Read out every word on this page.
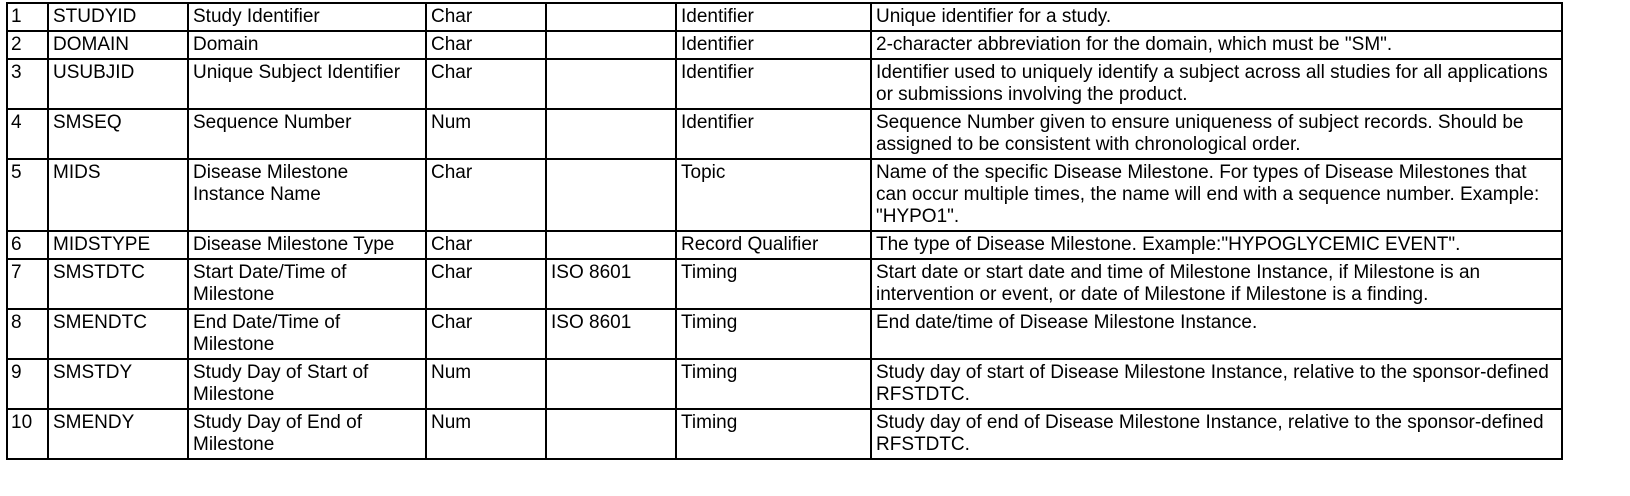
1	STUDYID	Study Identifier	Char		Identifier	Unique identifier for a study.
2	DOMAIN	Domain	Char		Identifier	2-character abbreviation for the domain, which must be "SM".
3	USUBJID	Unique Subject Identifier	Char		Identifier	Identifier used to uniquely identify a subject across all studies for all applications or submissions involving the product.
4	SMSEQ	Sequence Number	Num		Identifier	Sequence Number given to ensure uniqueness of subject records. Should be assigned to be consistent with chronological order.
5	MIDS	Disease Milestone Instance Name	Char		Topic	Name of the specific Disease Milestone. For types of Disease Milestones that can occur multiple times, the name will end with a sequence number. Example: "HYPO1".
6	MIDSTYPE	Disease Milestone Type	Char		Record Qualifier	The type of Disease Milestone. Example:"HYPOGLYCEMIC EVENT".
7	SMSTDTC	Start Date/Time of Milestone	Char	ISO 8601	Timing	Start date or start date and time of Milestone Instance, if Milestone is an intervention or event, or date of Milestone if Milestone is a finding.
8	SMENDTC	End Date/Time of Milestone	Char	ISO 8601	Timing	End date/time of Disease Milestone Instance.
9	SMSTDY	Study Day of Start of Milestone	Num		Timing	Study day of start of Disease Milestone Instance, relative to the sponsor-defined RFSTDTC.
10	SMENDY	Study Day of End of Milestone	Num		Timing	Study day of end of Disease Milestone Instance, relative to the sponsor-defined RFSTDTC.
